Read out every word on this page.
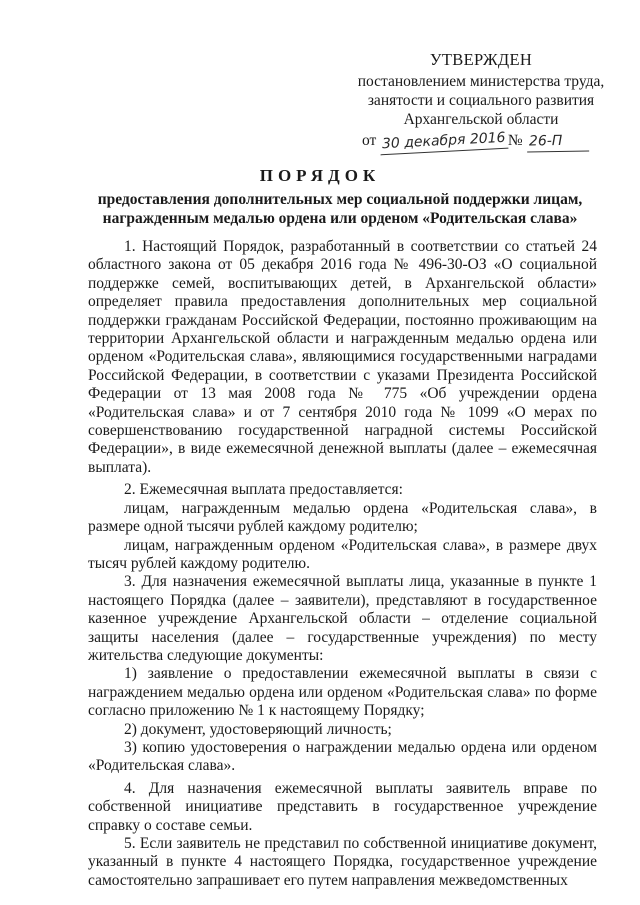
УТВЕРЖДЕН
постановлением министерства труда,
занятости и социального развития
Архангельской области
от 30 декабря 2016 № 26-П
ПОРЯДОК
предоставления дополнительных мер социальной поддержки лицам,
награжденным медалью ордена или орденом «Родительская слава»

1. Настоящий Порядок, разработанный в соответствии со статьей 24 областного закона от 05 декабря 2016 года № 496-30-ОЗ «О социальной поддержке семей, воспитывающих детей, в Архангельской области» определяет правила предоставления дополнительных мер социальной поддержки гражданам Российской Федерации, постоянно проживающим на территории Архангельской области и награжденным медалью ордена или орденом «Родительская слава», являющимися государственными наградами Российской Федерации, в соответствии с указами Президента Российской Федерации от 13 мая 2008 года № 775 «Об учреждении ордена «Родительская слава» и от 7 сентября 2010 года № 1099 «О мерах по совершенствованию государственной наградной системы Российской Федерации», в виде ежемесячной денежной выплаты (далее – ежемесячная выплата).

2. Ежемесячная выплата предоставляется:

лицам, награжденным медалью ордена «Родительская слава», в размере одной тысячи рублей каждому родителю;

лицам, награжденным орденом «Родительская слава», в размере двух тысяч рублей каждому родителю.

3. Для назначения ежемесячной выплаты лица, указанные в пункте 1 настоящего Порядка (далее – заявители), представляют в государственное казенное учреждение Архангельской области – отделение социальной защиты населения (далее – государственные учреждения) по месту жительства следующие документы:

1) заявление о предоставлении ежемесячной выплаты в связи с награждением медалью ордена или орденом «Родительская слава» по форме согласно приложению № 1 к настоящему Порядку;

2) документ, удостоверяющий личность;

3) копию удостоверения о награждении медалью ордена или орденом «Родительская слава».

4. Для назначения ежемесячной выплаты заявитель вправе по собственной инициативе представить в государственное учреждение справку о составе семьи.

5. Если заявитель не представил по собственной инициативе документ, указанный в пункте 4 настоящего Порядка, государственное учреждение самостоятельно запрашивает его путем направления межведомственных
